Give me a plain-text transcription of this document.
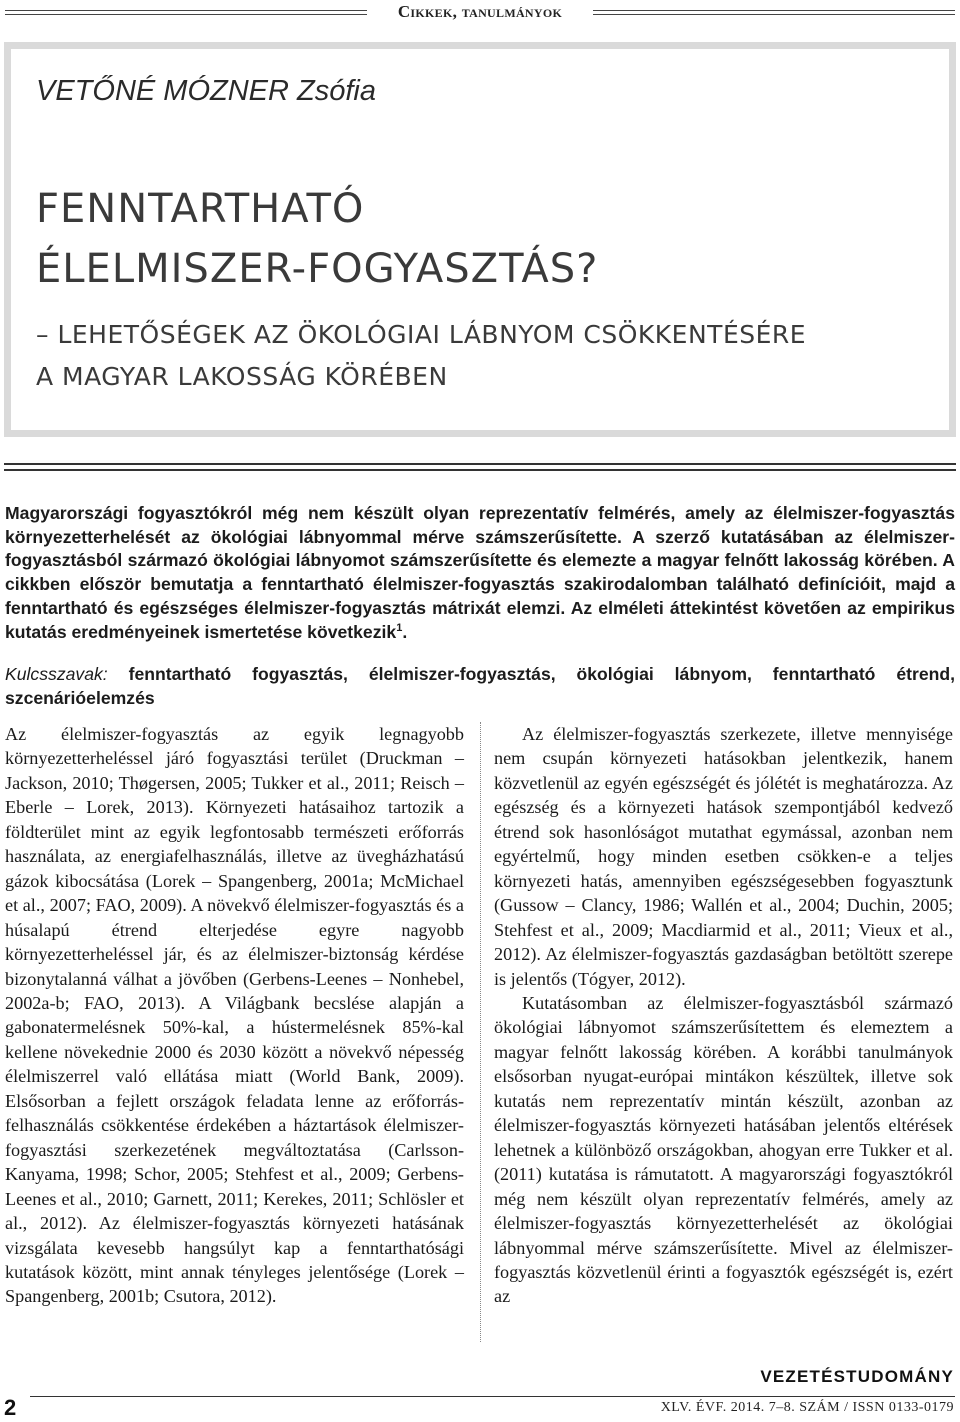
Cikkek, tanulmányok
VETŐNÉ MÓZNER Zsófia
FENNTARTHATÓ
ÉLELMISZER-FOGYASZTÁS?
– LEHETŐSÉGEK AZ ÖKOLÓGIAI LÁBNYOM CSÖKKENTÉSÉRE
A MAGYAR LAKOSSÁG KÖRÉBEN
Magyarországi fogyasztókról még nem készült olyan reprezentatív felmérés, amely az élelmiszer-fogyasztás környezetterhelését az ökológiai lábnyommal mérve számszerűsítette. A szerző kutatásában az élelmiszer-fogyasztásból származó ökológiai lábnyomot számszerűsítette és elemezte a magyar felnőtt lakosság körében. A cikkben először bemutatja a fenntartható élelmiszer-fogyasztás szakirodalomban található definícióit, majd a fenntartható és egészséges élelmiszer-fogyasztás mátrixát elemzi. Az elméleti áttekintést követően az empirikus kutatás eredményeinek ismertetése következik$^1$.
Kulcsszavak: fenntartható fogyasztás, élelmiszer-fogyasztás, ökológiai lábnyom, fenntartható étrend, szcenárióelemzés

Az élelmiszer-fogyasztás az egyik legnagyobb környezetterheléssel járó fogyasztási terület (Druckman – Jackson, 2010; Thøgersen, 2005; Tukker et al., 2011; Reisch – Eberle – Lorek, 2013). Környezeti hatásaihoz tartozik a földterület mint az egyik legfontosabb természeti erőforrás használata, az energiafelhasználás, illetve az üvegházhatású gázok kibocsátása (Lorek – Spangenberg, 2001a; McMichael et al., 2007; FAO, 2009). A növekvő élelmiszer-fogyasztás és a húsalapú étrend elterjedése egyre nagyobb környezetterheléssel jár, és az élelmiszer-biztonság kérdése bizonytalanná válhat a jövőben (Gerbens-Leenes – Nonhebel, 2002a-b; FAO, 2013). A Világbank becslése alapján a gabonatermelésnek 50%-kal, a hústermelésnek 85%-kal kellene növekednie 2000 és 2030 között a növekvő népesség élelmiszerrel való ellátása miatt (World Bank, 2009). Elsősorban a fejlett országok feladata lenne az erőforrás-felhasználás csökkentése érdekében a háztartások élelmiszer-fogyasztási szerkezetének megváltoztatása (Carlsson-Kanyama, 1998; Schor, 2005; Stehfest et al., 2009; Gerbens-Leenes et al., 2010; Garnett, 2011; Kerekes, 2011; Schlösler et al., 2012). Az élelmiszer-fogyasztás környezeti hatásának vizsgálata kevesebb hangsúlyt kap a fenntarthatósági kutatások között, mint annak tényleges jelentősége (Lorek – Spangenberg, 2001b; Csutora, 2012).

Az élelmiszer-fogyasztás szerkezete, illetve mennyisége nem csupán környezeti hatásokban jelentkezik, hanem közvetlenül az egyén egészségét és jólétét is meghatározza. Az egészség és a környezeti hatások szempontjából kedvező étrend sok hasonlóságot mutathat egymással, azonban nem egyértelmű, hogy minden esetben csökken-e a teljes környezeti hatás, amennyiben egészségesebben fogyasztunk (Gussow – Clancy, 1986; Wallén et al., 2004; Duchin, 2005; Stehfest et al., 2009; Macdiarmid et al., 2011; Vieux et al., 2012). Az élelmiszer-fogyasztás gazdaságban betöltött szerepe is jelentős (Tógyer, 2012).

Kutatásomban az élelmiszer-fogyasztásból származó ökológiai lábnyomot számszerűsítettem és elemeztem a magyar felnőtt lakosság körében. A korábbi tanulmányok elsősorban nyugat-európai mintákon készültek, illetve sok kutatás nem reprezentatív mintán készült, azonban az élelmiszer-fogyasztás környezeti hatásában jelentős eltérések lehetnek a különböző országokban, ahogyan erre Tukker et al. (2011) kutatása is rámutatott. A magyarországi fogyasztókról még nem készült olyan reprezentatív felmérés, amely az élelmiszer-fogyasztás környezetterhelését az ökológiai lábnyommal mérve számszerűsítette. Mivel az élelmiszer-fogyasztás közvetlenül érinti a fogyasztók egészségét is, ezért az

VEZETÉSTUDOMÁNY
2	XLV. ÉVF. 2014. 7–8. SZÁM / ISSN 0133-0179
